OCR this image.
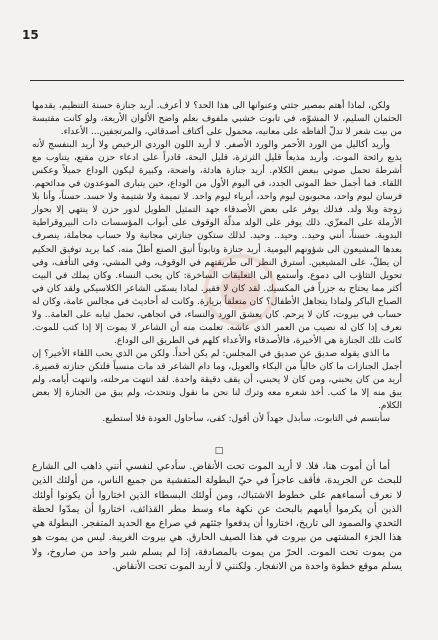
15

ولكن، لماذا أهتم بمصير جثتي وعنوانها الى هذا الحد؟ لا أعرف. أريد جنازة حسنة التنظيم، يقدمها الحثمان السليم، لا المشوّه، في تابوت خشبي ملفوف بعلم واضح الألوان الأربعة، ولو كانت مقتبسة من بيت شعر لا تدلّ ألفاظه على معانيه، محمول على أكتاف أصدقائي، والمرتجفين... الأعداء.

وأريد أكاليل من الورد الأحمر والورد الأصفر. لا أريد اللون الوردي الرخيص ولا أريد البنفسج لأنه يذيع رائحة الموت. وأريد مذيعاً قليل الثرثرة، قليل البحة، قادراً على ادعاء حزن مقنع، يتناوب مع أشرطة تحمل صوتي ببعض الكلام. أريد جنازة هادئة، واضحة، وكبيرة ليكون الوداع جميلاً وعكس اللقاء. فما أجمل حظ الموتى الجدد، في اليوم الأول من الوداع، حين يتبارى الموعدون في مدائحهم. فرسان ليوم واحد، محبوبون ليوم واحد، أبرياء ليوم واحد. لا نميمة ولا شتيمة ولا حسد. حسناً، وأنا بلا زوجة وبلا ولد. فذلك يوفر على بعض الأصدقاء جهد التمثيل الطويل لدور حزن لا ينتهي إلا بحوار الأرملة على المعزّي. ذلك يوفر على الولد مذلّة الوقوف على أبواب المؤسسات ذات البيروقراطية البدوية. حسناً، أنني وحيد.. وحيد.. وحيد. لذلك ستكون جنازتي مجانية ولا حساب مجاملة، ينصرف بعدها المشيعون الى شؤونهم اليومية. أريد جنازة وتابوتاً أنيق الصنع أطلّ منه، كما يريد توفيق الحكيم أن يطلّ، على المشيعين. أسترق النظر الى طريقتهم في الوقوف، وفي المشي، وفي التأفف، وفي تحويل التثاؤب الى دموع. وأستمع الى التعليقات الساخرة: كان يحب النساء. وكان يملك في البيت أكثر مما يحتاج به جزراً في المكسيك. لقد كان لا فقير. لماذا يسمّى الشاعر الكلاسيكي ولقد كان في الصباح الباكر ولماذا يتجاهل الأطفال؟ كان متعلقاً بزيارة. وكانت له أحاديث في مجالس عامة، وكان له حساب في بيروت، كان لا يرحم. كان يعشق الورد والنساء، في اتجاهي، تحمل ثيابه على العامة.. ولا نعرف إذا كان له نصيب من العمر الذي عاشه. تعلمت منه أن الشاعر لا يموت إلا إذا كتب للموت. كانت تلك الجنازة هي الأخيرة، فالأصدقاء والأعداء كلهم في الطريق الى الوداع.

ما الذي يقوله صديق عن صديق في المجلس: لم يكن أحداً. ولكن من الذي يحب اللقاء الأخير؟ إن أجمل الجنازات ما كان خالياً من البكاء والعويل، وما دام الشاعر قد مات منسياً فلتكن جنازته قصيرة. أريد من كان يحبني، ومن كان لا يحبني، أن يقف دقيقة واحدة. لقد انتهت مرحلته، وانتهت أيامه، ولم يبق منه إلا ما كتب. أخذ شعره معه وترك لنا نحن ما نقول ونتحدث، ولم يبق من الجنازة إلا بعض الكلام.

سأبتسم في التابوت، سأبذل جهداً لأن أقول: كفى، سأحاول العودة فلا أستطيع.

□

أما أن أموت هنا، فلا. لا أريد الموت تحت الأنقاض. سأدعي لنفسي أنني ذاهب الى الشارع للبحث عن الجريدة، فأقف عاجزاً في حيّ البطولة المتفشية من جميع الناس، من أولئك الذين لا نعرف أسماءهم على خطوط الاشتباك، ومن أولئك البسطاء الذين اختاروا أن يكونوا أولئك الذين أن يكرموا أيامهم بالبحث عن نكهة ماء وسط مطر القذائف، اختاروا أن يمدّوا لحظة التحدي والصمود الى تاريخ، اختاروا أن يدفعوا جثثهم في صراع مع الحديد المتفجر. البطولة هي هذا الجزء المشتهى من بيروت في هذا الصيف الحارق. هي بيروت الغريبة. ليس من يموت هو من يموت تحت الموت. الحرّ من يموت بالمصادفة، إذا لم يسلم شبر واحد من صاروخ، ولا يسلم موقع خطوة واحدة من الانفجار. ولكنني لا أريد الموت تحت الأنقاض.
